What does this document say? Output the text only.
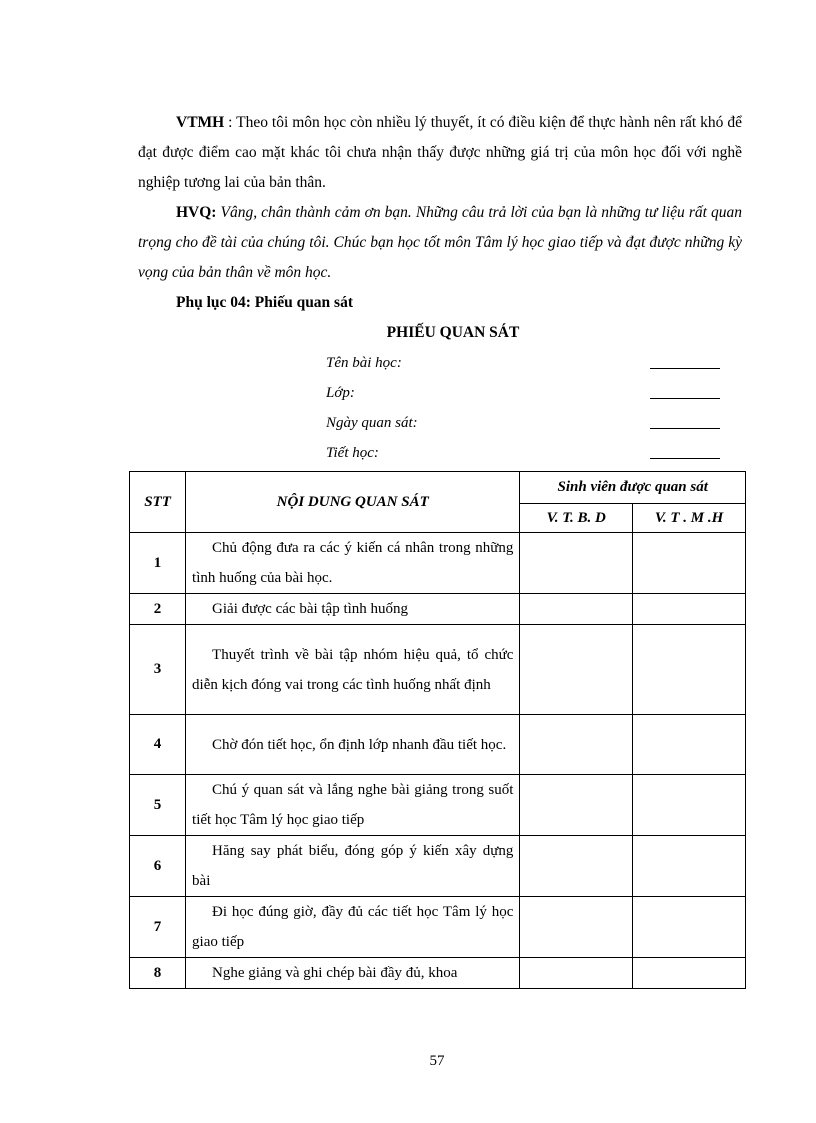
VTMH : Theo tôi môn học còn nhiều lý thuyết, ít có điều kiện để thực hành nên rất khó để đạt được điểm cao mặt khác tôi chưa nhận thấy được những giá trị của môn học đối với nghề nghiệp tương lai của bản thân.
HVQ: Vâng, chân thành cảm ơn bạn. Những câu trả lời của bạn là những tư liệu rất quan trọng cho đề tài của chúng tôi. Chúc bạn học tốt môn Tâm lý học giao tiếp và đạt được những kỳ vọng của bản thân về môn học.
Phụ lục 04: Phiếu quan sát
PHIẾU QUAN SÁT
Tên bài học:
Lớp:
Ngày quan sát:
Tiết học:
STT	NỘI DUNG QUAN SÁT	Sinh viên được quan sát	
		V. T. B. D	V. T . M .H
1	Chủ động đưa ra các ý kiến cá nhân trong những tình huống của bài học.		

2	Giải được các bài tập tình huống		

3	Thuyết trình về bài tập nhóm hiệu quả, tổ chức diễn kịch đóng vai trong các tình huống nhất định		

4	Chờ đón tiết học, ổn định lớp nhanh đầu tiết học.		

5	Chú ý quan sát và lắng nghe bài giảng trong suốt tiết học Tâm lý học giao tiếp		

6	Hăng say phát biểu, đóng góp ý kiến xây dựng bài		

7	Đi học đúng giờ, đầy đủ các tiết học Tâm lý học giao tiếp		

8	Nghe giảng và ghi chép bài đầy đủ, khoa		

57
